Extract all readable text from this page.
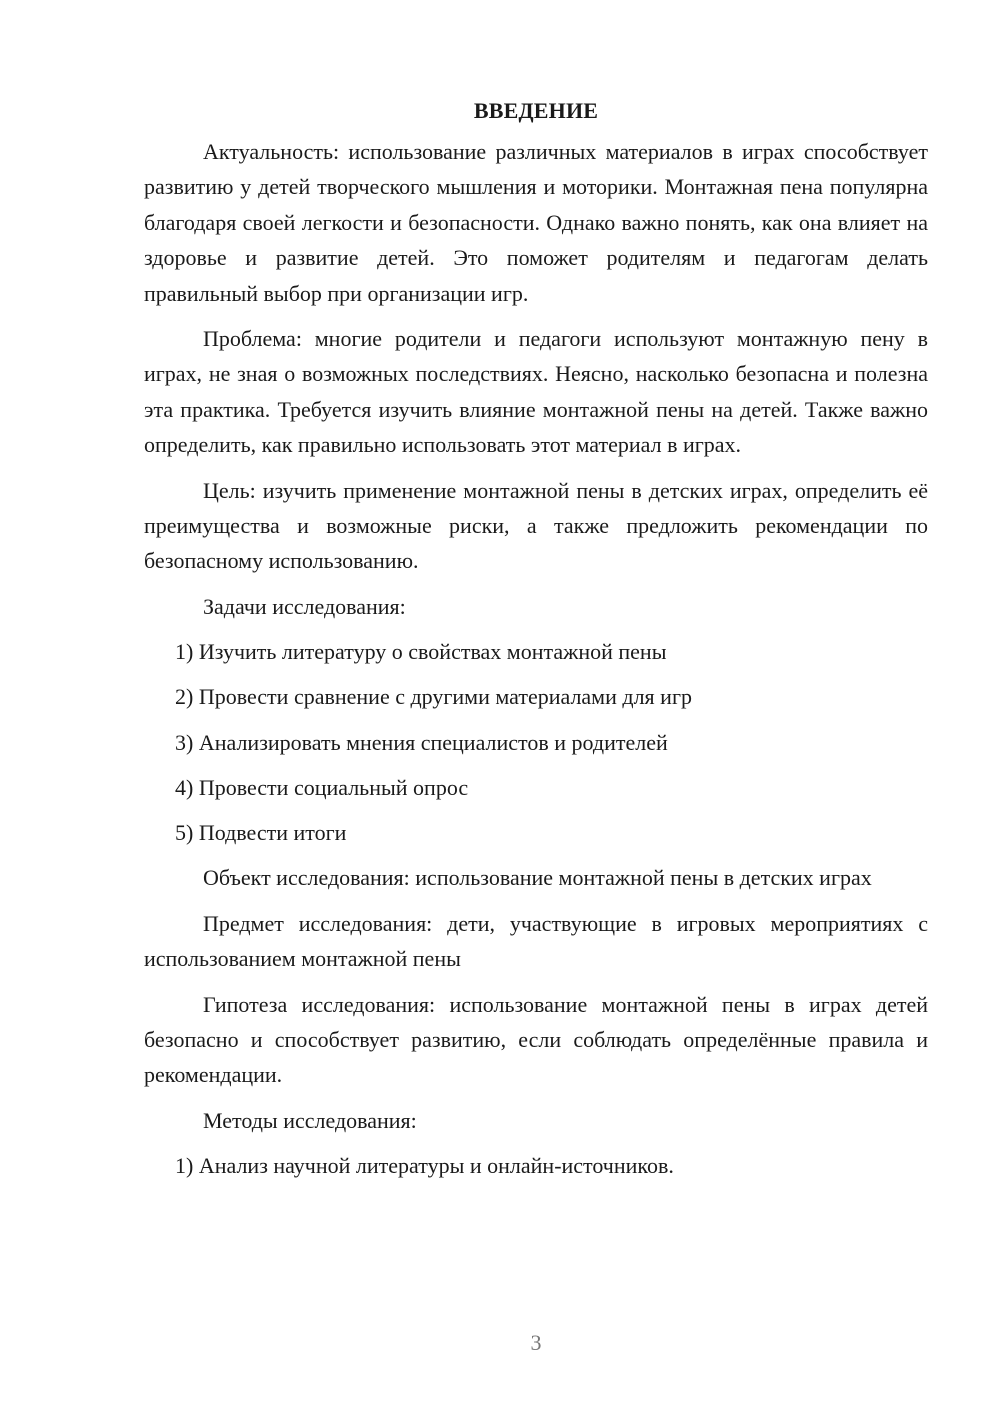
ВВЕДЕНИЕ

Актуальность: использование различных материалов в играх способствует развитию у детей творческого мышления и моторики. Монтажная пена популярна благодаря своей легкости и безопасности. Однако важно понять, как она влияет на здоровье и развитие детей. Это поможет родителям и педагогам делать правильный выбор при организации игр.

Проблема: многие родители и педагоги используют монтажную пену в играх, не зная о возможных последствиях. Неясно, насколько безопасна и полезна эта практика. Требуется изучить влияние монтажной пены на детей. Также важно определить, как правильно использовать этот материал в играх.

Цель: изучить применение монтажной пены в детских играх, определить её преимущества и возможные риски, а также предложить рекомендации по безопасному использованию.

Задачи исследования:

1) Изучить литературу о свойствах монтажной пены
2) Провести сравнение с другими материалами для игр
3) Анализировать мнения специалистов и родителей
4) Провести социальный опрос
5) Подвести итоги

Объект исследования: использование монтажной пены в детских играх

Предмет исследования: дети, участвующие в игровых мероприятиях с использованием монтажной пены

Гипотеза исследования: использование монтажной пены в играх детей безопасно и способствует развитию, если соблюдать определённые правила и рекомендации.

Методы исследования:

1) Анализ научной литературы и онлайн-источников.
3
